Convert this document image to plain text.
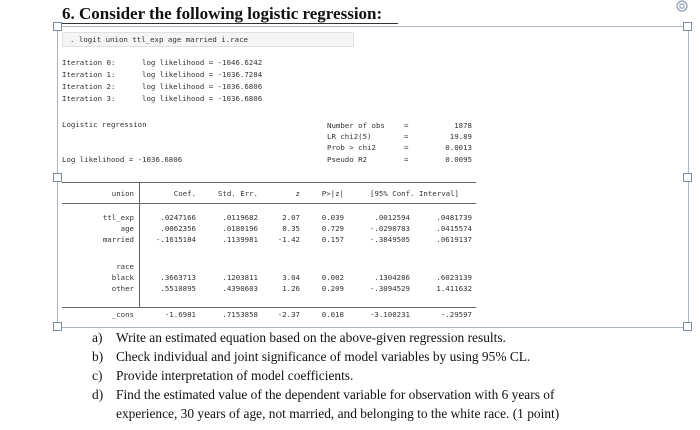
6. Consider the following logistic regression:
. logit union ttl_exp age married i.race
Iteration 0:	log likelihood = -1046.6242
Iteration 1:	log likelihood = -1036.7284
Iteration 2:	log likelihood = -1036.6806
Iteration 3:	log likelihood = -1036.6806
Logistic regression	Number of obs	=	1878
LR chi2(5)	=	19.89
Prob > chi2	=	0.0013
Pseudo R2	=	0.0095
Log likelihood = -1036.6806
union	Coef.	Std. Err.	z	P>|z|	[95% Conf. Interval]
ttl_exp	.0247166	.0119682	2.07	0.039	.0012594	.0481739
age	.0062356	.0180196	0.35	0.729	-.0290783	.0415574
married	-.1615184	.1139981	-1.42	0.157	-.3849505	.0619137
race
black	.3663713	.1203811	3.04	0.002	.1304286	.6023139
other	.5510895	.4390603	1.26	0.209	-.3094529	1.411632
_cons	-1.6981	.7153858	-2.37	0.018	-3.100231	-.29597
a) Write an estimated equation based on the above-given regression results.
b) Check individual and joint significance of model variables by using 95% CL.
c) Provide interpretation of model coefficients.
d) Find the estimated value of the dependent variable for observation with 6 years of
experience, 30 years of age, not married, and belonging to the white race. (1 point)
